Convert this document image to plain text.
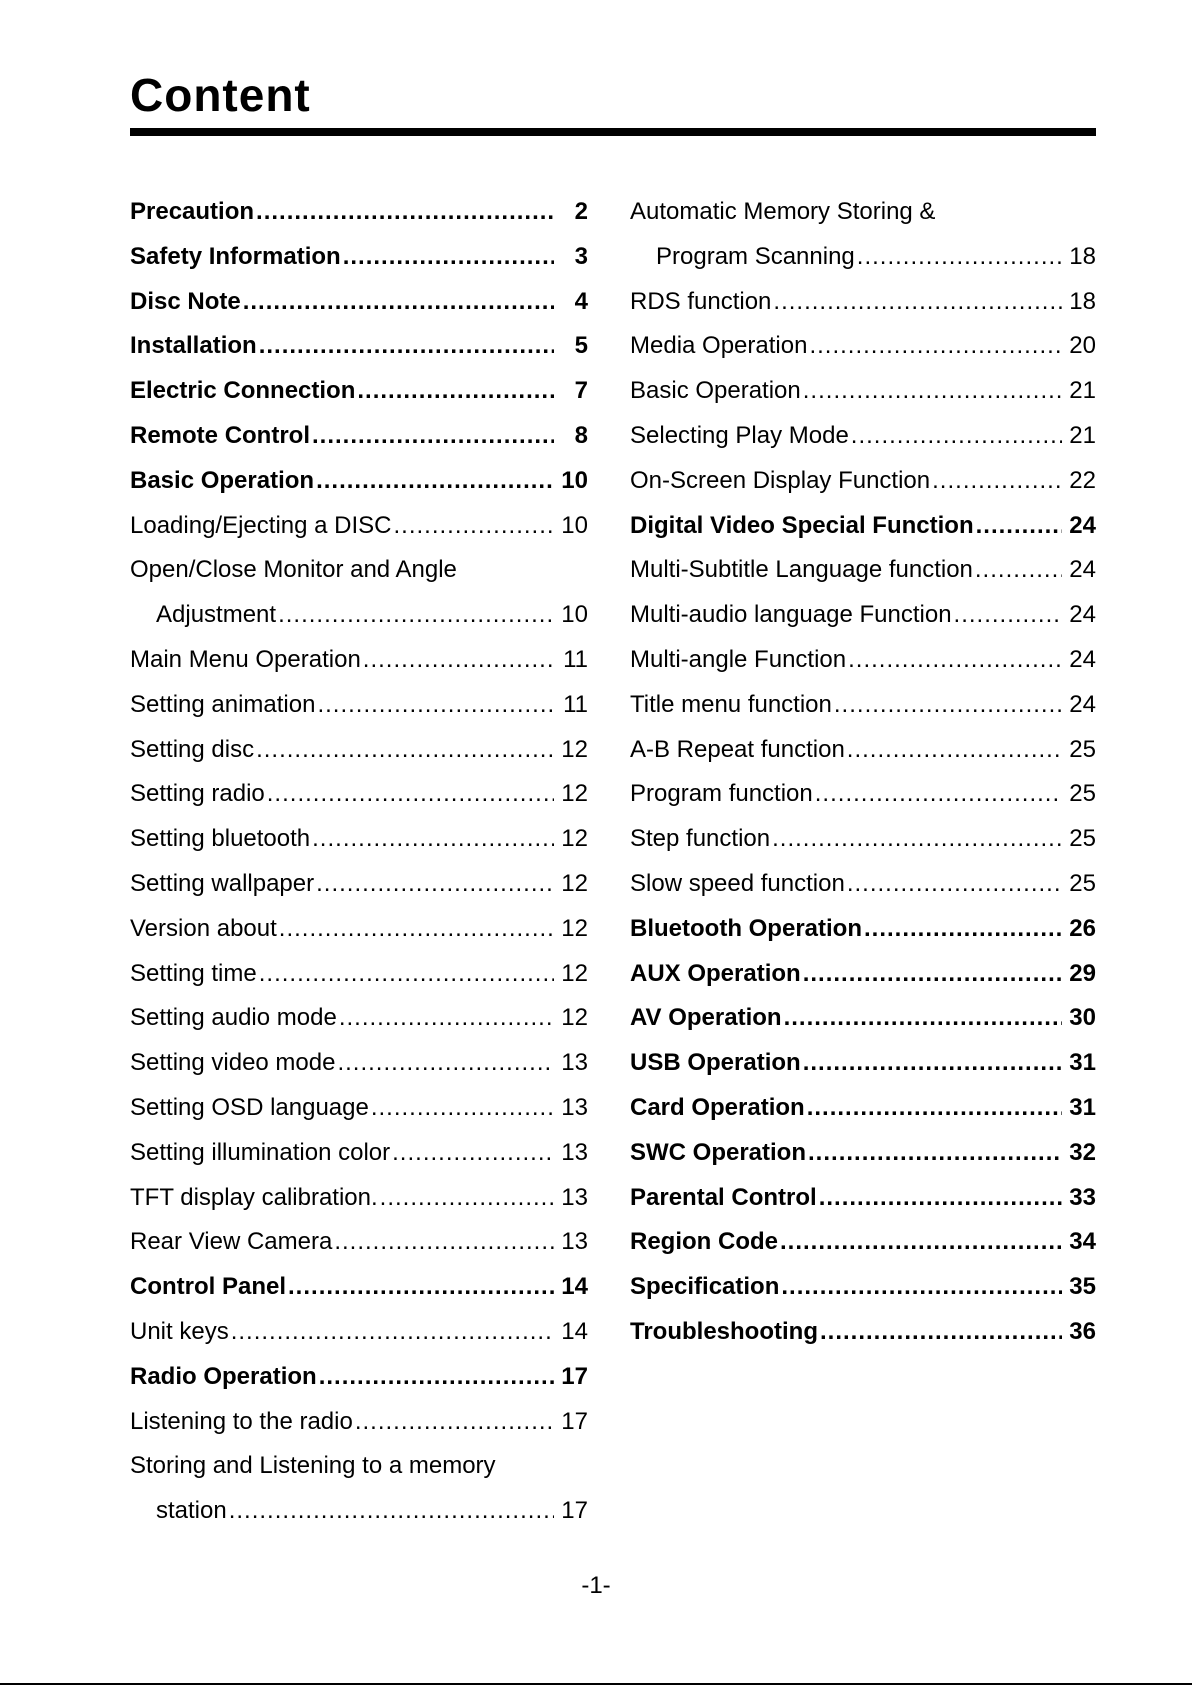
Content
Precaution .....	2
Safety Information .....	3
Disc Note .....	4
Installation .....	5
Electric Connection .....	7
Remote Control .....	8
Basic Operation .....	10
Loading/Ejecting a DISC .....	10
Open/Close Monitor and Angle
Adjustment .....	10
Main Menu Operation .....	11
Setting animation .....	11
Setting disc .....	12
Setting radio .....	12
Setting bluetooth .....	12
Setting wallpaper .....	12
Version about .....	12
Setting time .....	12
Setting audio mode .....	12
Setting video mode .....	13
Setting OSD language .....	13
Setting illumination color .....	13
TFT display calibration. .....	13
Rear View Camera .....	13
Control Panel .....	14
Unit keys .....	14
Radio Operation .....	17
Listening to the radio .....	17
Storing and Listening to a memory
station .....	17
Automatic Memory Storing &
Program Scanning .....	18
RDS function .....	18
Media Operation .....	20
Basic Operation .....	21
Selecting Play Mode .....	21
On-Screen Display Function .....	22
Digital Video Special Function .....	24
Multi-Subtitle Language function .....	24
Multi-audio language Function .....	24
Multi-angle Function .....	24
Title menu function .....	24
A-B Repeat function .....	25
Program function .....	25
Step function .....	25
Slow speed function .....	25
Bluetooth Operation .....	26
AUX Operation .....	29
AV Operation .....	30
USB Operation .....	31
Card Operation .....	31
SWC Operation .....	32
Parental Control .....	33
Region Code .....	34
Specification .....	35
Troubleshooting .....	36
-1-
